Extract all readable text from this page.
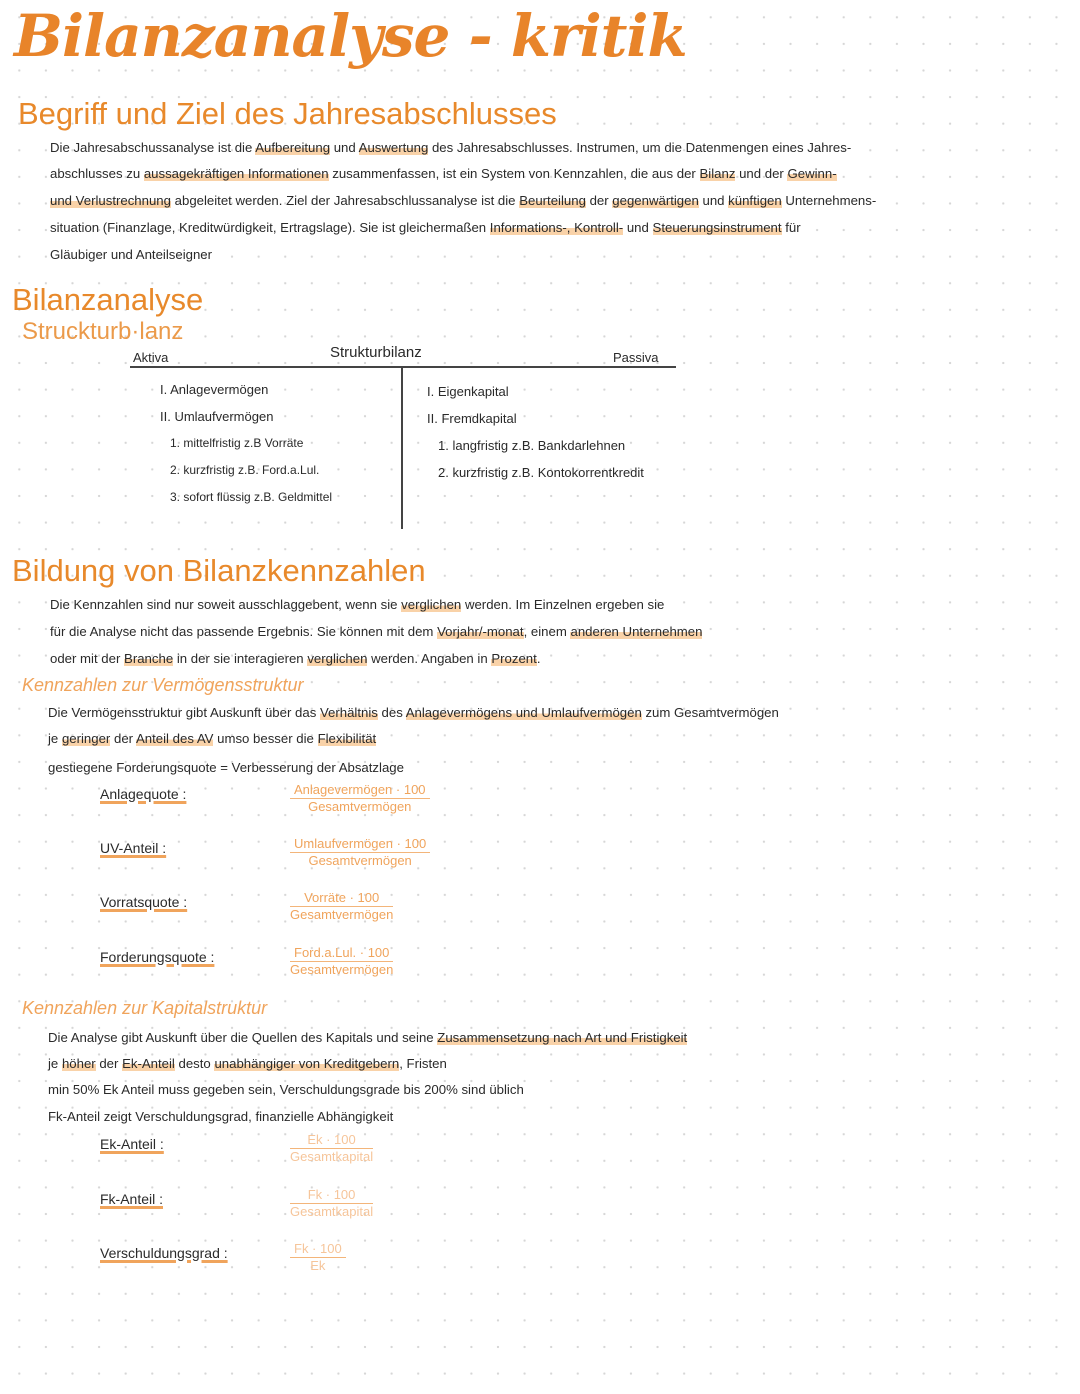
Bilanzanalyse - kritik
Begriff und Ziel des Jahresabschlusses
Die Jahresabschussanalyse ist die Aufbereitung und Auswertung des Jahresabschlusses. Instrumen, um die Datenmengen eines Jahres-
abschlusses zu aussagekräftigen Informationen zusammenfassen, ist ein System von Kennzahlen, die aus der Bilanz und der Gewinn-
und Verlustrechnung abgeleitet werden. Ziel der Jahresabschlussanalyse ist die Beurteilung der gegenwärtigen und künftigen Unternehmens-
situation (Finanzlage, Kreditwürdigkeit, Ertragslage). Sie ist gleichermaßen Informations-, Kontroll- und Steuerungsinstrument für
Gläubiger und Anteilseigner
Bilanzanalyse
Struckturb·lanz
Aktiva	Strukturbilanz	Passiva
I. Anlagevermögen
II. Umlaufvermögen
1. mittelfristig z.B Vorräte
2. kurzfristig z.B. Ford.a.Lul.
3. sofort flüssig z.B. Geldmittel
I. Eigenkapital
II. Fremdkapital
1. langfristig z.B. Bankdarlehnen
2. kurzfristig z.B. Kontokorrentkredit
Bildung von Bilanzkennzahlen
Die Kennzahlen sind nur soweit ausschlaggebent, wenn sie verglichen werden. Im Einzelnen ergeben sie
für die Analyse nicht das passende Ergebnis. Sie können mit dem Vorjahr/-monat, einem anderen Unternehmen
oder mit der Branche in der sie interagieren verglichen werden. Angaben in Prozent.
Kennzahlen zur Vermögensstruktur
Die Vermögensstruktur gibt Auskunft über das Verhältnis des Anlagevermögens und Umlaufvermögen zum Gesamtvermögen
je geringer der Anteil des AV umso besser die Flexibilität
gestiegene Forderungsquote = Verbesserung der Absatzlage
Anlagequote :	Anlagevermögen · 100
Gesamtvermögen
UV-Anteil :	Umlaufvermögen · 100
Gesamtvermögen
Vorratsquote :	Vorräte · 100
Gesamtvermögen
Forderungsquote :	Ford.a.Lul. · 100
Gesamtvermögen
Kennzahlen zur Kapitalstruktur
Die Analyse gibt Auskunft über die Quellen des Kapitals und seine Zusammensetzung nach Art und Fristigkeit
je höher der Ek-Anteil desto unabhängiger von Kreditgebern, Fristen
min 50% Ek Anteil muss gegeben sein, Verschuldungsgrade bis 200% sind üblich
Fk-Anteil zeigt Verschuldungsgrad, finanzielle Abhängigkeit
Ek-Anteil :	Ek · 100
Gesamtkapital
Fk-Anteil :	Fk · 100
Gesamtkapital
Verschuldungsgrad :	$\frac{Fk \cdot 100}{Ek}$
